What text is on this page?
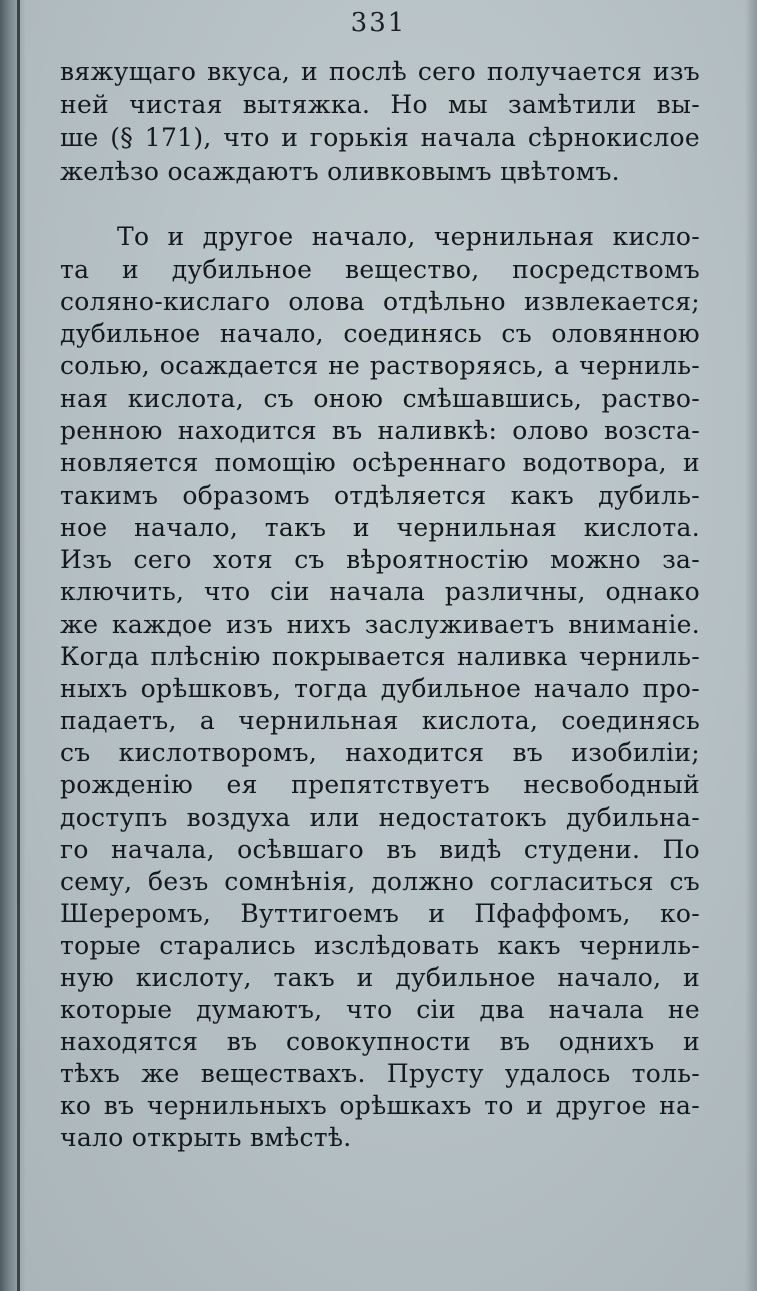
331
вяжущаго вкуса, и послѣ сего получается изъ
ней чистая вытяжка. Но мы замѣтили вы-
ше (§ 171), что и горькія начала сѣрнокислое
желѣзо осаждаютъ оливковымъ цвѣтомъ.
То и другое начало, чернильная кисло-
та и дубильное вещество, посредствомъ
соляно-кислаго олова отдѣльно извлекается;
дубильное начало, соединясь съ оловянною
солью, осаждается не растворяясь, а черниль-
ная кислота, съ оною смѣшавшись, раство-
ренною находится въ наливкѣ: олово возста-
новляется помощію осѣреннаго водотвора, и
такимъ образомъ отдѣляется какъ дубиль-
ное начало, такъ и чернильная кислота.
Изъ сего хотя съ вѣроятностію можно за-
ключить, что сіи начала различны, однако
же каждое изъ нихъ заслуживаетъ вниманіе.
Когда плѣснію покрывается наливка черниль-
ныхъ орѣшковъ, тогда дубильное начало про-
падаетъ, а чернильная кислота, соединясь
съ кислотворомъ, находится въ изобиліи;
рожденію ея препятствуетъ несвободный
доступъ воздуха или недостатокъ дубильна-
го начала, осѣвшаго въ видѣ студени. По
сему, безъ сомнѣнія, должно согласиться съ
Шереромъ, Вуттигоемъ и Пфаффомъ, ко-
торые старались изслѣдовать какъ черниль-
ную кислоту, такъ и дубильное начало, и
которые думаютъ, что сіи два начала не
находятся въ совокупности въ однихъ и
тѣхъ же веществахъ. Прусту удалось толь-
ко въ чернильныхъ орѣшкахъ то и другое на-
чало открыть вмѣстѣ.
